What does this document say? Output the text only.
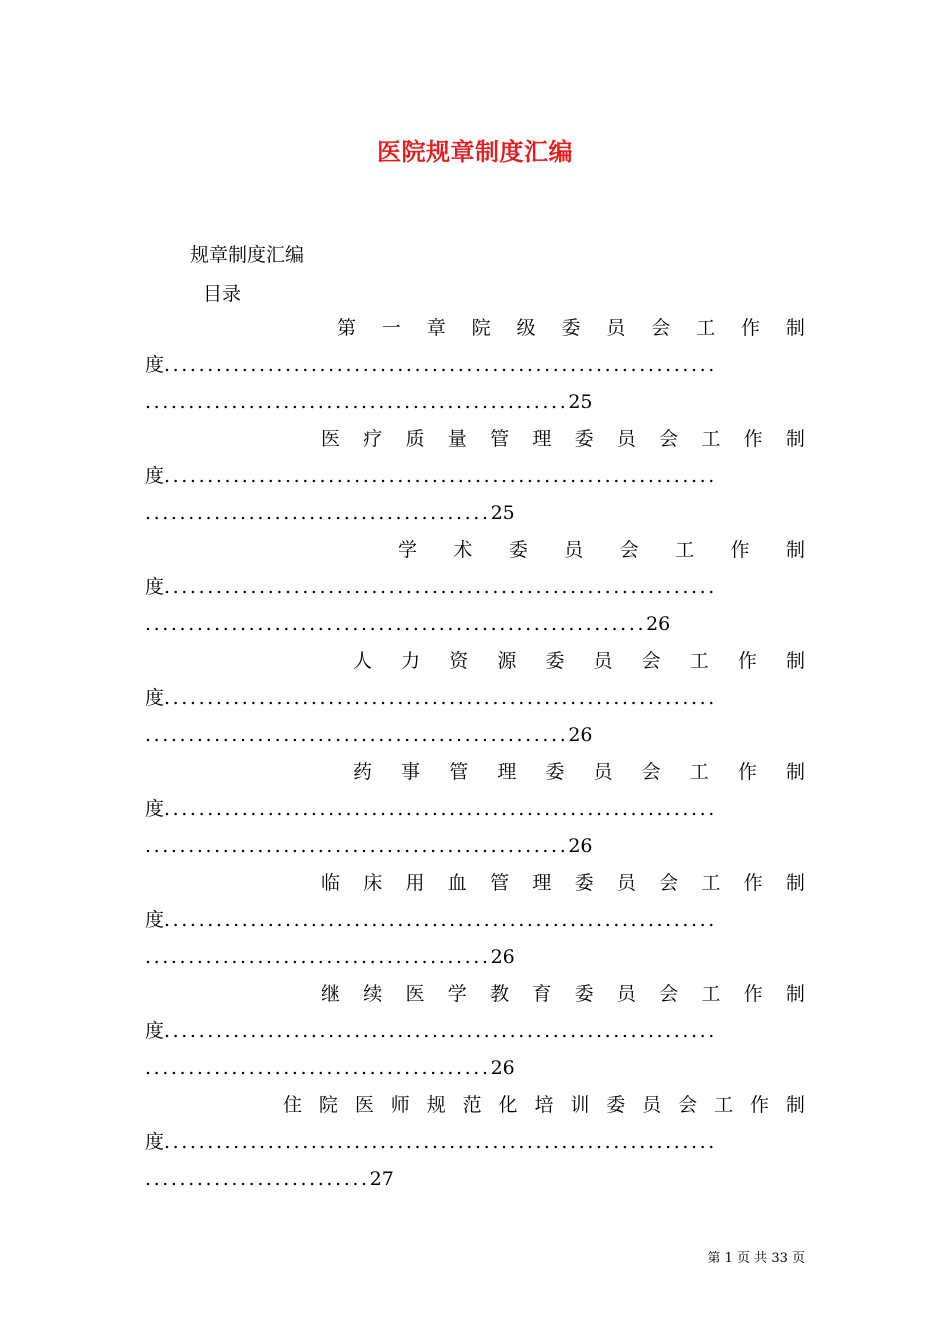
医院规章制度汇编
规章制度汇编
目录
第 一 章 院 级 委 员 会 工 作 制
度................................................................
.................................................25
医 疗 质 量 管 理 委 员 会 工 作 制
度................................................................
........................................25
学 术 委 员 会 工 作 制
度................................................................
..........................................................26
人 力 资 源 委 员 会 工 作 制
度................................................................
.................................................26
药 事 管 理 委 员 会 工 作 制
度................................................................
.................................................26
临 床 用 血 管 理 委 员 会 工 作 制
度................................................................
........................................26
继 续 医 学 教 育 委 员 会 工 作 制
度................................................................
........................................26
住 院 医 师 规 范 化 培 训 委 员 会 工 作 制
度................................................................
..........................27
第 1 页 共 33 页
